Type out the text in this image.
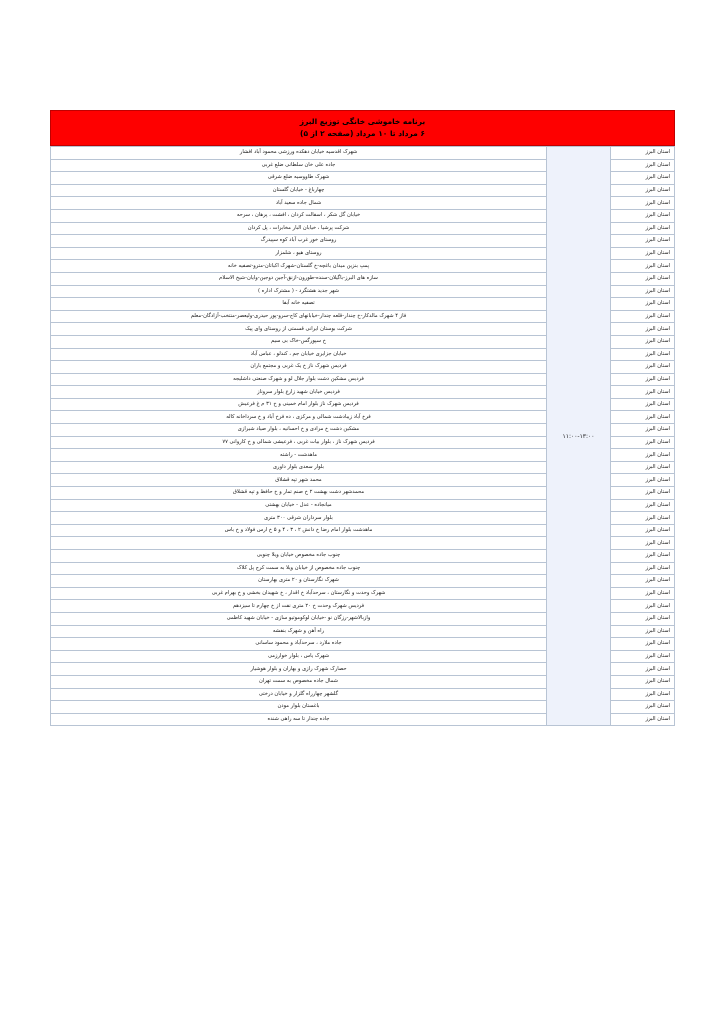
برنامه خاموشی خانگی توزیع البرز
۶ مرداد تا ۱۰ مرداد (صفحه ۲ از ۵)
استان البرز	۱۱:۰۰-۱۳:۰۰	شهرک اقدسیه خیابان دهکده ورزشی محمود آباد افشار
استان البرز		جاده علی خان سلطانی ضلع غربی
استان البرز		شهرک طاووسیه ضلع شرقی
استان البرز		چهارباغ - خیابان گلستان
استان البرز		شمال جاده سعید آباد
استان البرز		خیابان گل شکر ، اسفالت کردان ، افشت ، پرهان ، سرحه
استان البرز		شرکت پرشیا ، خیابان البار مخابرات ، پل کردان
استان البرز		روستای خور غرب آباد کوه سپیدرگ
استان البرز		روستای هیو ، شلمزار
استان البرز		پمپ بنزین میدان باغچه-خ گلستان-شهرک اکباتان-مترو-تصفیه خانه
استان البرز		سازه های البرز-باگیلان-سنده-طورون-ازنق-آجین دوجین-وایان-شیخ الاسلام
استان البرز		شهر جدید هشتگرد - ( مشترک اداره )
استان البرز		تصفیه خانه آبفا
استان البرز		فاز ۴ شهرک مالدکار-خ چندار-قلعه چندار-خیابانهای کاج-سرو-پور حیدری-ولیعصر-منتخب-آزادگان-معلم
استان البرز		شرکت بوستان ایرانی قسمتی از روستای وای پیک
استان البرز		خ سپورگس-خاک بی سیم
استان البرز		خیابان جزایری خیابان جم ، کندلو ، عباس آباد
استان البرز		فردیس شهرک ناز خ یک غربی و مجتمع باران
استان البرز		فردیس مشکین دشت بلوار جلال لو و شهرک صنعتی داشلیجه
استان البرز		فردیس خیابان شهید زارع بلوار سروناز
استان البرز		فردیس شهرک ناز بلوار امام خمینی و خ ۳۱ م غ فرعیش
استان البرز		فرخ آباد زیبادشت شمالی و مرکزی ، ده فرخ آباد و خ سرداخانه کاله
استان البرز		مشکین دشت خ مرادی و خ احسانیه ، بلوار صیاد شیرازی
استان البرز		فردیس شهرک ناز ، بلوار بیات غربی ، فرعیشی شمالی و خ کاروانی ۷۷
استان البرز		ماهدشت - راشته
استان البرز		بلوار سعدی بلوار داوری
استان البرز		محمد شهر تپه قشلاق
استان البرز		محمدشهر دشت بهشت ۲ خ صنم تمار و خ حافظ و تپه قشلاق
استان البرز		میانجاده - عدل - خیابان بهشتی
استان البرز		بلوار سرداران شرقی ۳۰۰ متری
استان البرز		ماهدشت بلوار امام رضا خ دانش ۲ ، ۳ ، ۴ و ۵ خ ارس فولاد و خ باس
استان البرز		
استان البرز		چنوب جاده مخصوص خیابان ویلا چنوبی
استان البرز		چنوب جاده مخصوص از خیابان ویلا به سمت کرج پل کلاک
استان البرز		شهرک نگارستان و ۲۰ متری بهارستان
استان البرز		شهرک وحدت و نگارستان ، سرحدآباد خ اقدار ، خ شهیدان بخشی و خ بهرام غربی
استان البرز		فردیس شهرک وحدت خ ۲۰ متری نفت از خ چهارم تا سیزدهم
استان البرز		وازبالاشهر-رزگان نو -خیابان لوکوموتیو سازی - خیابان شهید کاظمی
استان البرز		راه آهن و شهرک بنفشه
استان البرز		جاده ملارد ، سرحدآباد و محمود ساسانی
استان البرز		شهرک یاس ، بلوار خوارزمی
استان البرز		حصارک شهرک رازی و بهاران و بلوار هوشیار
استان البرز		شمال جاده مخصوص به سمت تهران
استان البرز		گلشهر چهارراه گلزار و خیابان درختی
استان البرز		باغستان بلوار موذن
استان البرز		جاده چندار تا سه راهی شنده
